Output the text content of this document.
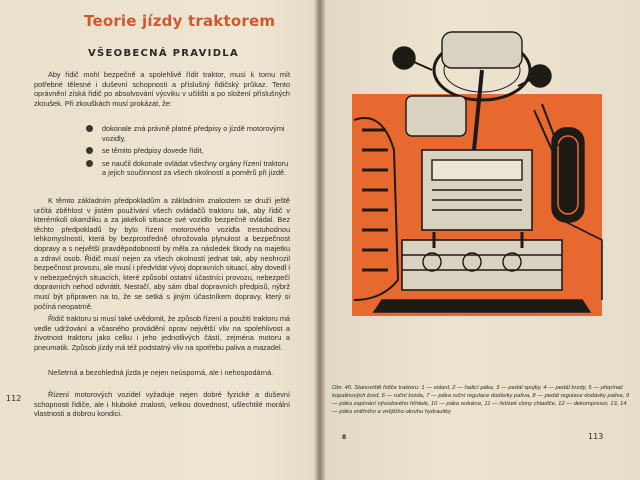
Teorie jízdy traktorem
VŠEOBECNÁ PRAVIDLA
Aby řidič mohl bezpečně a spolehlivě řídit traktor, musí k tomu mít potřebné tělesné i duševní schopnosti a příslušný řidičský průkaz. Tento oprávnění získá řidič po absolvování výcviku v učilišti a po složení příslušných zkoušek. Při zkouškách musí prokázat, že:
dokonale zná právně platné předpisy o jízdě motorovými vozidly,
se těmito předpisy dovede řídit,
se naučil dokonale ovládat všechny orgány řízení traktoru a jejich součinnost za všech okolností a poměrů při jízdě.
K těmto základním předpokladům a základním znalostem se druží ještě určitá zběhlost v jistém používání všech ovládačů traktoru tak, aby řidič v kterémkoli okamžiku a za jakékoli situace své vozidlo bezpečně ovládal. Bez těchto předpokladů by bylo řízení motorového vozidla trestuhodnou lehkomyslností, která by bezprostředně ohrožovala plynulost a bezpečnost dopravy a s největší pravděpodobností by měla za následek škody na majetku a zdraví osob. Řidič musí nejen za všech okolností jednat tak, aby neohrozil bezpečnost provozu, ale musí i předvídat vývoj dopravních situací, aby dovedl i v nebezpečných situacích, které způsobí ostatní účastníci provozu, nebezpečí dopravních nehod odvrátit. Nestačí, aby sám dbal dopravních předpisů, nýbrž musí být připraven na to, že se setká s jiným účastníkem dopravy, který si počíná neopatrně.
Řidič traktoru si musí také uvědomit, že způsob řízení a použití traktoru má vedle udržování a včasného provádění oprav největší vliv na spolehlivost a životnost traktoru jako celku i jeho jednotlivých částí, zejména motoru a pneumatik. Způsob jízdy má též podstatný vliv na spotřebu paliva a mazadel.
Nešetrná a bezohledná jízda je nejen neúsporná, ale i nehospodárná.
Řízení motorových vozidel vyžaduje nejen dobré fyzické a duševní schopnosti řidiče, ale i hluboké znalosti, velkou dovednost, ušlechtilé morální vlastnosti a dobrou kondici.
112
Obr. 40. Stanoviště řidiče traktoru: 1 — volant, 2 — řadicí páka, 3 — pedál spojky, 4 — pedál brzdy, 5 — přepínač kopalinových brzd, 6 — ruční brzda, 7 — páka ruční regulace dodávky paliva, 8 — pedál regulace dodávky paliva, 9 — páka zapínání vývodového hřídele, 10 — páka redukce, 11 — řetízek clony chladiče, 12 — dekompresor, 13, 14 — páka vnitřního a vnějšího okruhu hydrauliky
8	113
